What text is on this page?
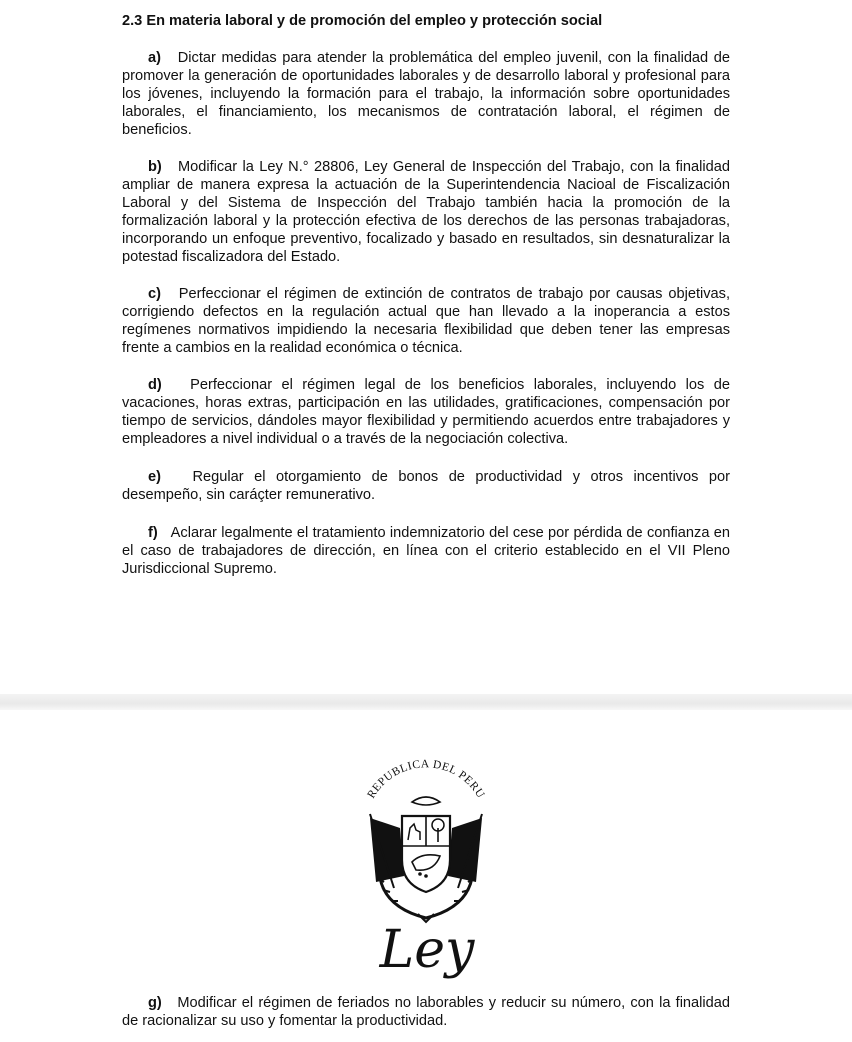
2.3 En materia laboral y de promoción del empleo y protección social

a) Dictar medidas para atender la problemática del empleo juvenil, con la finalidad de promover la generación de oportunidades laborales y de desarrollo laboral y profesional para los jóvenes, incluyendo la formación para el trabajo, la información sobre oportunidades laborales, el financiamiento, los mecanismos de contratación laboral, el régimen de beneficios.

b) Modificar la Ley N.° 28806, Ley General de Inspección del Trabajo, con la finalidad ampliar de manera expresa la actuación de la Superintendencia Nacioal de Fiscalización Laboral y del Sistema de Inspección del Trabajo también hacia la promoción de la formalización laboral y la protección efectiva de los derechos de las personas trabajadoras, incorporando un enfoque preventivo, focalizado y basado en resultados, sin desnaturalizar la potestad fiscalizadora del Estado.

c) Perfeccionar el régimen de extinción de contratos de trabajo por causas objetivas, corrigiendo defectos en la regulación actual que han llevado a la inoperancia a estos regímenes normativos impidiendo la necesaria flexibilidad que deben tener las empresas frente a cambios en la realidad económica o técnica.

d) Perfeccionar el régimen legal de los beneficios laborales, incluyendo los de vacaciones, horas extras, participación en las utilidades, gratificaciones, compensación por tiempo de servicios, dándoles mayor flexibilidad y permitiendo acuerdos entre trabajadores y empleadores a nivel individual o a través de la negociación colectiva.

e) Regular el otorgamiento de bonos de productividad y otros incentivos por desempeño, sin caráçter remunerativo.

f) Aclarar legalmente el tratamiento indemnizatorio del cese por pérdida de confianza en el caso de trabajadores de dirección, en línea con el criterio establecido en el VII Pleno Jurisdiccional Supremo.

REPUBLICA DEL PERU
Ley

g) Modificar el régimen de feriados no laborables y reducir su número, con la finalidad de racionalizar su uso y fomentar la productividad.
